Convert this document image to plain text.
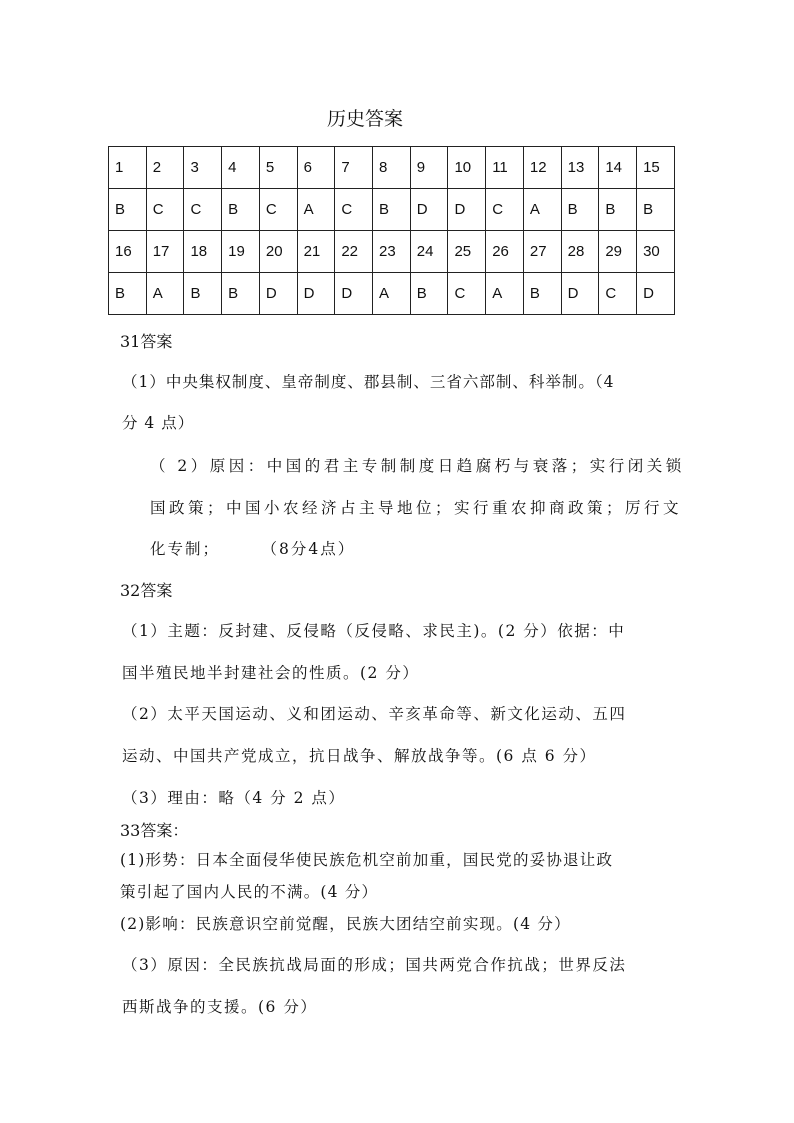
历史答案
1	2	3	4	5	6	7	8	9	10	11	12	13	14	15
B	C	C	B	C	A	C	B	D	D	C	A	B	B	B
16	17	18	19	20	21	22	23	24	25	26	27	28	29	30
B	A	B	B	D	D	D	A	B	C	A	B	D	C	D
31答案
（1）中央集权制度、皇帝制度、郡县制、三省六部制、科举制。（4
分 4 点）
（ 2）原因：中国的君主专制制度日趋腐朽与衰落；实行闭关锁
国政策；中国小农经济占主导地位；实行重农抑商政策；厉行文
化专制；      （8分4点）
32答案
（1）主题：反封建、反侵略（反侵略、求民主)。(2 分）依据：中
国半殖民地半封建社会的性质。(2 分）
（2）太平天国运动、义和团运动、辛亥革命等、新文化运动、五四
运动、中国共产党成立，抗日战争、解放战争等。(6 点 6 分）
（3）理由：略（4 分 2 点）
33答案：
(1)形势：日本全面侵华使民族危机空前加重，国民党的妥协退让政
策引起了国内人民的不满。(4 分）
(2)影响：民族意识空前觉醒，民族大团结空前实现。(4 分）
（3）原因：全民族抗战局面的形成；国共两党合作抗战；世界反法
西斯战争的支援。(6 分）
